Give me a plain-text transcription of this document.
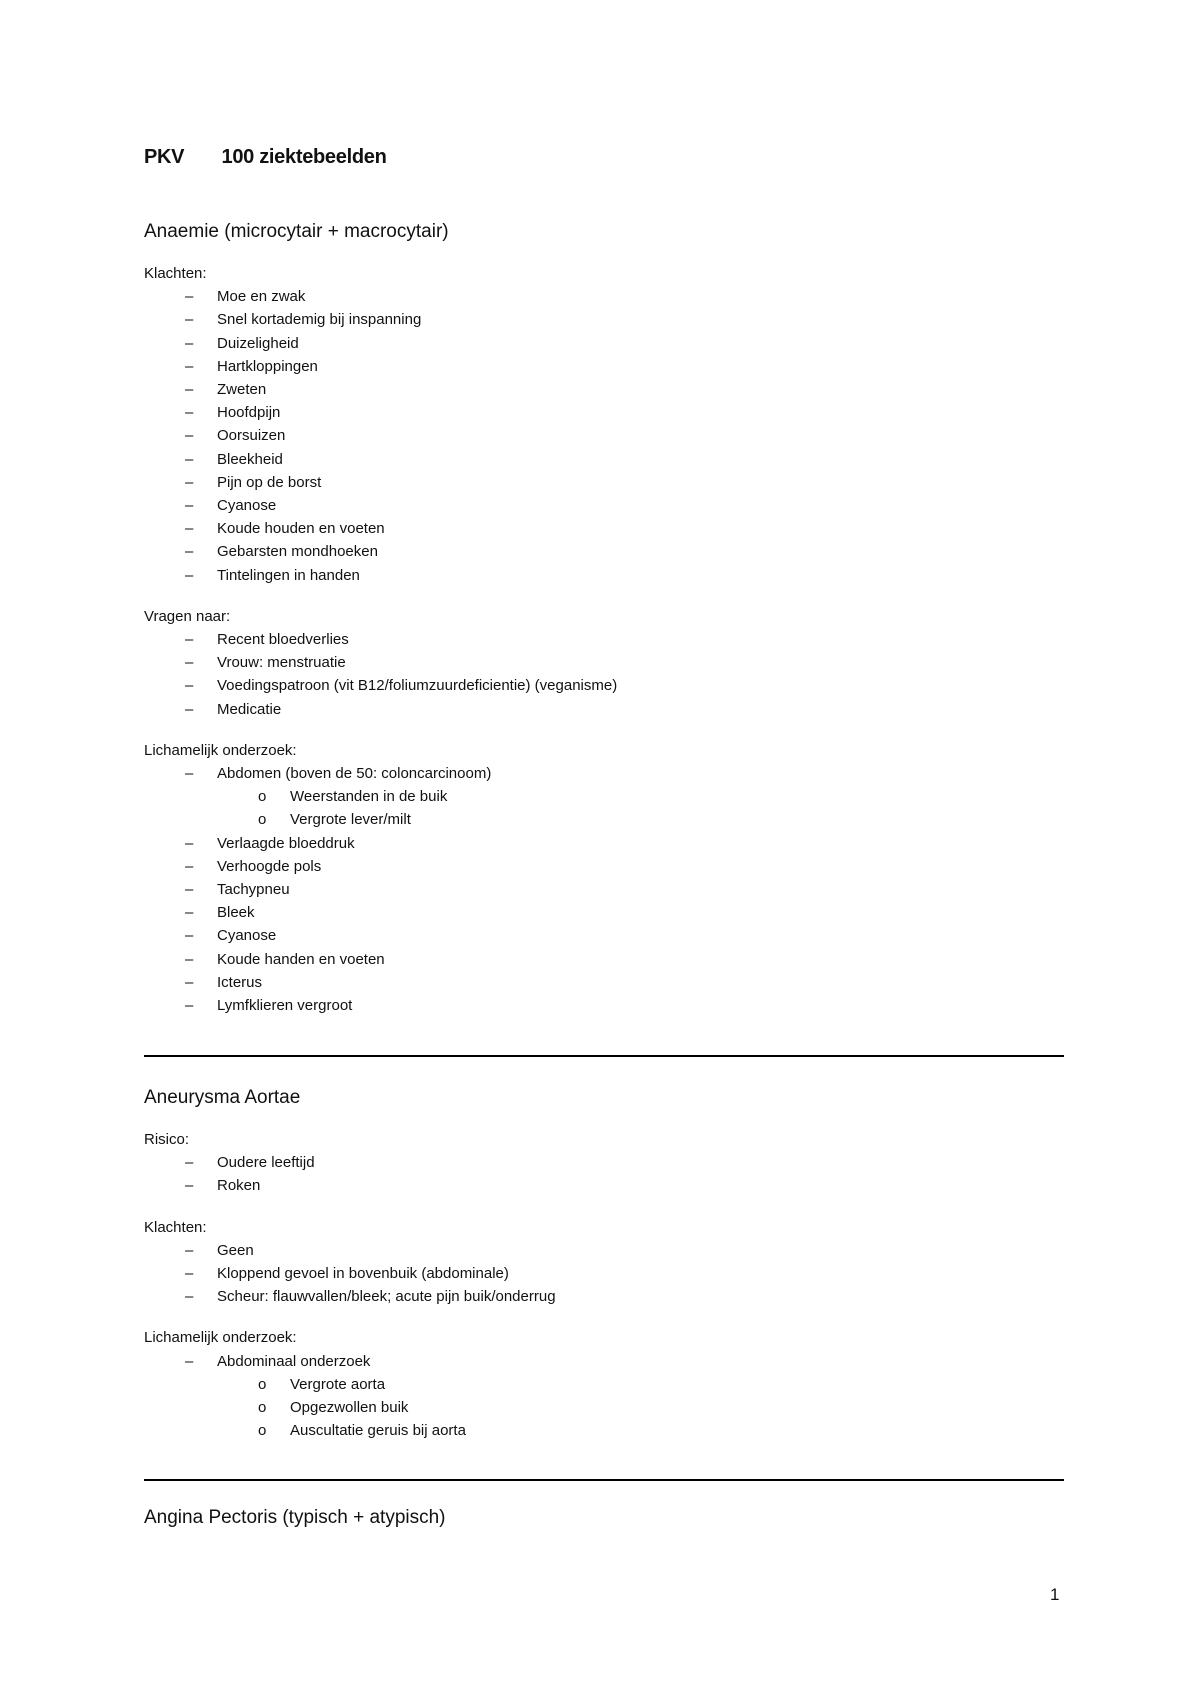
PKV 100 ziektebeelden
Anaemie (microcytair + macrocytair)
Klachten:
– Moe en zwak
– Snel kortademig bij inspanning
– Duizeligheid
– Hartkloppingen
– Zweten
– Hoofdpijn
– Oorsuizen
– Bleekheid
– Pijn op de borst
– Cyanose
– Koude houden en voeten
– Gebarsten mondhoeken
– Tintelingen in handen
Vragen naar:
– Recent bloedverlies
– Vrouw: menstruatie
– Voedingspatroon (vit B12/foliumzuurdeficientie) (veganisme)
– Medicatie
Lichamelijk onderzoek:
– Abdomen (boven de 50: coloncarcinoom)
o Weerstanden in de buik
o Vergrote lever/milt
– Verlaagde bloeddruk
– Verhoogde pols
– Tachypneu
– Bleek
– Cyanose
– Koude handen en voeten
– Icterus
– Lymfklieren vergroot
Aneurysma Aortae
Risico:
– Oudere leeftijd
– Roken
Klachten:
– Geen
– Kloppend gevoel in bovenbuik (abdominale)
– Scheur: flauwvallen/bleek; acute pijn buik/onderrug
Lichamelijk onderzoek:
– Abdominaal onderzoek
o Vergrote aorta
o Opgezwollen buik
o Auscultatie geruis bij aorta
Angina Pectoris (typisch + atypisch)
1
